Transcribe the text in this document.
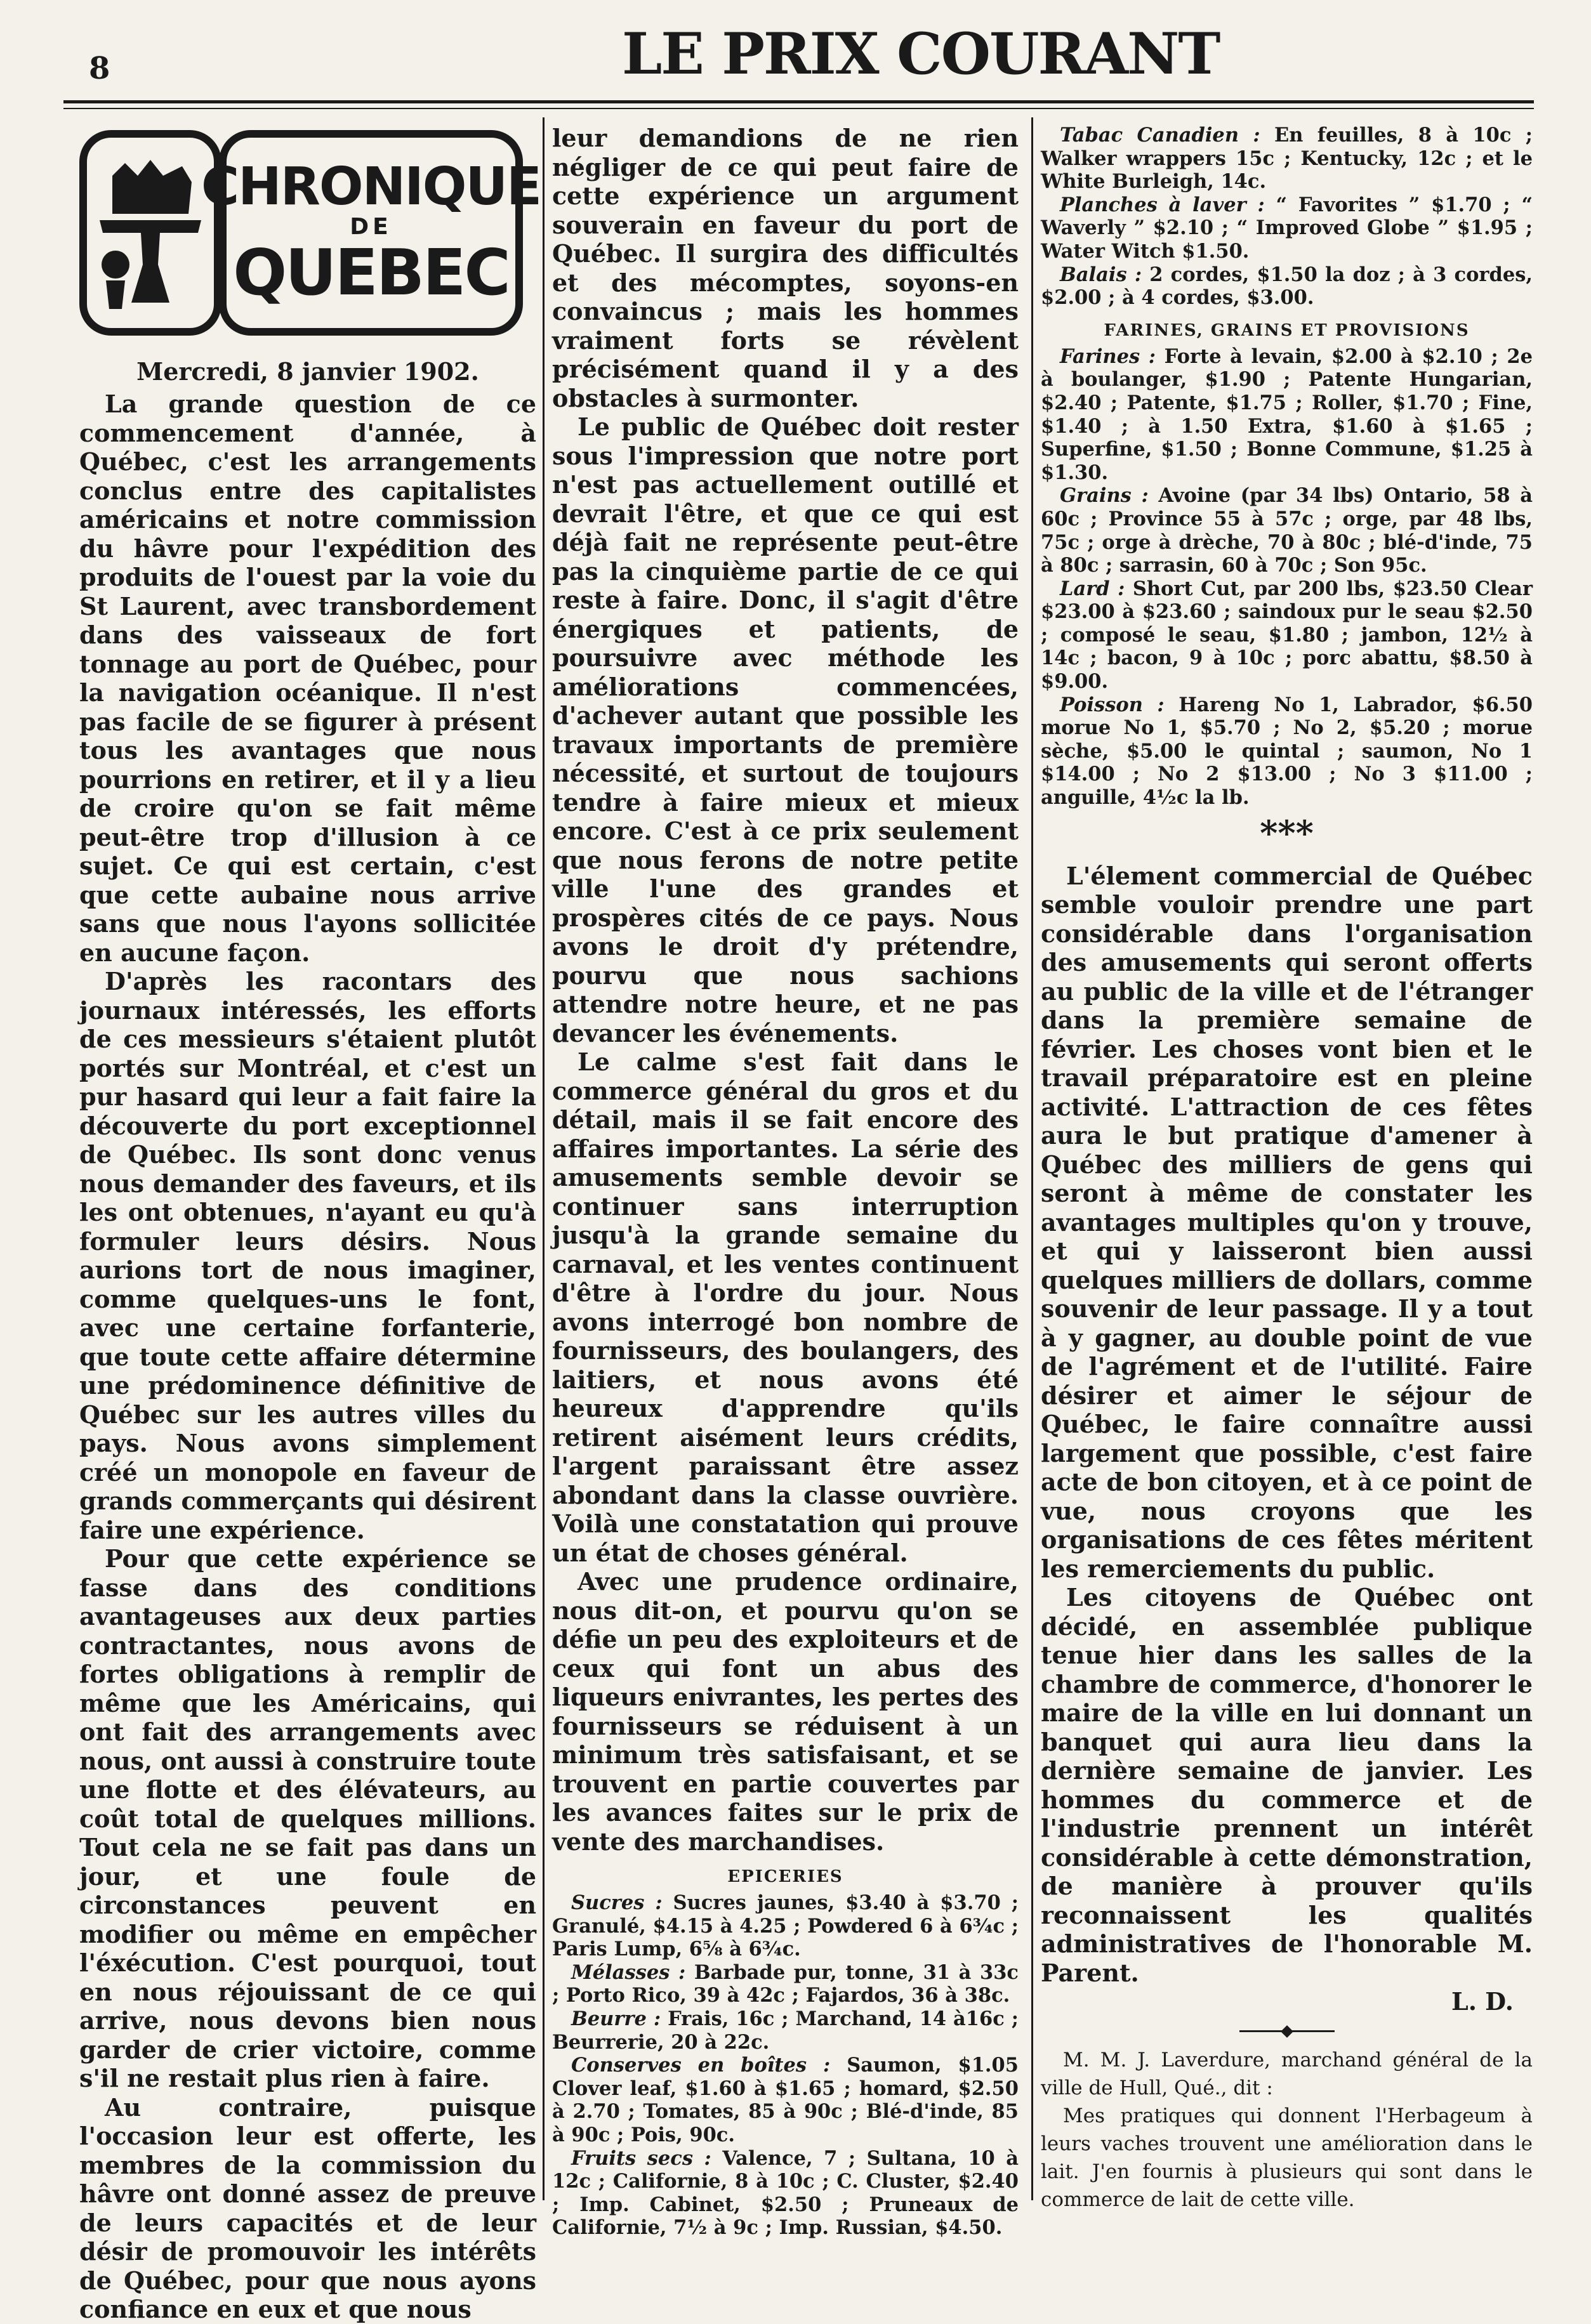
8	LE PRIX COURANT
CHRONIQUE
DE
QUEBEC
Mercredi, 8 janvier 1902.

La grande question de ce commencement d'année, à Québec, c'est les arrangements conclus entre des capitalistes américains et notre commission du hâvre pour l'expédition des produits de l'ouest par la voie du St Laurent, avec transbordement dans des vaisseaux de fort tonnage au port de Québec, pour la navigation océanique. Il n'est pas facile de se figurer à présent tous les avantages que nous pourrions en retirer, et il y a lieu de croire qu'on se fait même peut-être trop d'illusion à ce sujet. Ce qui est certain, c'est que cette aubaine nous arrive sans que nous l'ayons sollicitée en aucune façon.

D'après les racontars des journaux intéressés, les efforts de ces messieurs s'étaient plutôt portés sur Montréal, et c'est un pur hasard qui leur a fait faire la découverte du port exceptionnel de Québec. Ils sont donc venus nous demander des faveurs, et ils les ont obtenues, n'ayant eu qu'à formuler leurs désirs. Nous aurions tort de nous imaginer, comme quelques-uns le font, avec une certaine forfanterie, que toute cette affaire détermine une prédominence définitive de Québec sur les autres villes du pays. Nous avons simplement créé un monopole en faveur de grands commerçants qui désirent faire une expérience.

Pour que cette expérience se fasse dans des conditions avantageuses aux deux parties contractantes, nous avons de fortes obligations à remplir de même que les Américains, qui ont fait des arrangements avec nous, ont aussi à construire toute une flotte et des élévateurs, au coût total de quelques millions. Tout cela ne se fait pas dans un jour, et une foule de circonstances peuvent en modifier ou même en empêcher l'éxécution. C'est pourquoi, tout en nous réjouissant de ce qui arrive, nous devons bien nous garder de crier victoire, comme s'il ne restait plus rien à faire.

Au contraire, puisque l'occasion leur est offerte, les membres de la commission du hâvre ont donné assez de preuve de leurs capacités et de leur désir de promouvoir les intérêts de Québec, pour que nous ayons confiance en eux et que nous

leur demandions de ne rien négliger de ce qui peut faire de cette expérience un argument souverain en faveur du port de Québec. Il surgira des difficultés et des mécomptes, soyons-en convaincus ; mais les hommes vraiment forts se révèlent précisément quand il y a des obstacles à surmonter.

Le public de Québec doit rester sous l'impression que notre port n'est pas actuellement outillé et devrait l'être, et que ce qui est déjà fait ne représente peut-être pas la cinquième partie de ce qui reste à faire. Donc, il s'agit d'être énergiques et patients, de poursuivre avec méthode les améliorations commencées, d'achever autant que possible les travaux importants de première nécessité, et surtout de toujours tendre à faire mieux et mieux encore. C'est à ce prix seulement que nous ferons de notre petite ville l'une des grandes et prospères cités de ce pays. Nous avons le droit d'y prétendre, pourvu que nous sachions attendre notre heure, et ne pas devancer les événements.

Le calme s'est fait dans le commerce général du gros et du détail, mais il se fait encore des affaires importantes. La série des amusements semble devoir se continuer sans interruption jusqu'à la grande semaine du carnaval, et les ventes continuent d'être à l'ordre du jour. Nous avons interrogé bon nombre de fournisseurs, des boulangers, des laitiers, et nous avons été heureux d'apprendre qu'ils retirent aisément leurs crédits, l'argent paraissant être assez abondant dans la classe ouvrière. Voilà une constatation qui prouve un état de choses général.

Avec une prudence ordinaire, nous dit-on, et pourvu qu'on se défie un peu des exploiteurs et de ceux qui font un abus des liqueurs enivrantes, les pertes des fournisseurs se réduisent à un minimum très satisfaisant, et se trouvent en partie couvertes par les avances faites sur le prix de vente des marchandises.

EPICERIES

Sucres : Sucres jaunes, $3.40 à $3.70 ; Granulé, $4.15 à 4.25 ; Powdered 6 à 6¾c ; Paris Lump, 6⅝ à 6¾c.

Mélasses : Barbade pur, tonne, 31 à 33c ; Porto Rico, 39 à 42c ; Fajardos, 36 à 38c.

Beurre : Frais, 16c ; Marchand, 14 à16c ; Beurrerie, 20 à 22c.

Conserves en boîtes : Saumon, $1.05 Clover leaf, $1.60 à $1.65 ; homard, $2.50 à 2.70 ; Tomates, 85 à 90c ; Blé-d'inde, 85 à 90c ; Pois, 90c.

Fruits secs : Valence, 7 ; Sultana, 10 à 12c ; Californie, 8 à 10c ; C. Cluster, $2.40 ; Imp. Cabinet, $2.50 ; Pruneaux de Californie, 7½ à 9c ; Imp. Russian, $4.50.

Tabac Canadien : En feuilles, 8 à 10c ; Walker wrappers 15c ; Kentucky, 12c ; et le White Burleigh, 14c.

Planches à laver : “ Favorites ” $1.70 ; “ Waverly ” $2.10 ; “ Improved Globe ” $1.95 ; Water Witch $1.50.

Balais : 2 cordes, $1.50 la doz ; à 3 cordes, $2.00 ; à 4 cordes, $3.00.

FARINES, GRAINS ET PROVISIONS

Farines : Forte à levain, $2.00 à $2.10 ; 2e à boulanger, $1.90 ; Patente Hungarian, $2.40 ; Patente, $1.75 ; Roller, $1.70 ; Fine, $1.40 ; à 1.50 Extra, $1.60 à $1.65 ; Superfine, $1.50 ; Bonne Commune, $1.25 à $1.30.

Grains : Avoine (par 34 lbs) Ontario, 58 à 60c ; Province 55 à 57c ; orge, par 48 lbs, 75c ; orge à drèche, 70 à 80c ; blé-d'inde, 75 à 80c ; sarrasin, 60 à 70c ; Son 95c.

Lard : Short Cut, par 200 lbs, $23.50 Clear $23.00 à $23.60 ; saindoux pur le seau $2.50 ; composé le seau, $1.80 ; jambon, 12½ à 14c ; bacon, 9 à 10c ; porc abattu, $8.50 à $9.00.

Poisson : Hareng No 1, Labrador, $6.50 morue No 1, $5.70 ; No 2, $5.20 ; morue sèche, $5.00 le quintal ; saumon, No 1 $14.00 ; No 2 $13.00 ; No 3 $11.00 ; anguille, 4½c la lb.

***

L'élement commercial de Québec semble vouloir prendre une part considérable dans l'organisation des amusements qui seront offerts au public de la ville et de l'étranger dans la première semaine de février. Les choses vont bien et le travail préparatoire est en pleine activité. L'attraction de ces fêtes aura le but pratique d'amener à Québec des milliers de gens qui seront à même de constater les avantages multiples qu'on y trouve, et qui y laisseront bien aussi quelques milliers de dollars, comme souvenir de leur passage. Il y a tout à y gagner, au double point de vue de l'agrément et de l'utilité. Faire désirer et aimer le séjour de Québec, le faire connaître aussi largement que possible, c'est faire acte de bon citoyen, et à ce point de vue, nous croyons que les organisations de ces fêtes méritent les remerciements du public.

Les citoyens de Québec ont décidé, en assemblée publique tenue hier dans les salles de la chambre de commerce, d'honorer le maire de la ville en lui donnant un banquet qui aura lieu dans la dernière semaine de janvier. Les hommes du commerce et de l'industrie prennent un intérêt considérable à cette démonstration, de manière à prouver qu'ils reconnaissent les qualités administratives de l'honorable M. Parent.

L. D.

M. M. J. Laverdure, marchand général de la ville de Hull, Qué., dit :

Mes pratiques qui donnent l'Herbageum à leurs vaches trouvent une amélioration dans le lait. J'en fournis à plusieurs qui sont dans le commerce de lait de cette ville.
